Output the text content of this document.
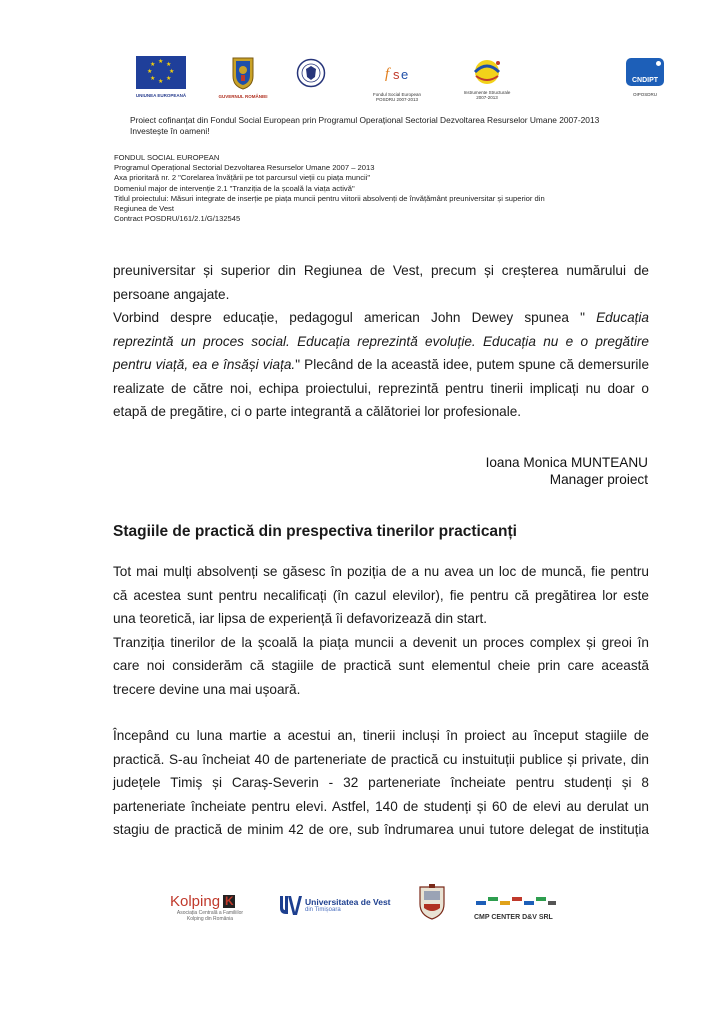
★ ★
★
★
★
★
★
★
UNIUNEA EUROPEANĂ	GUVERNUL ROMÂNIEI
f s e
Fondul Social European
POSDRU 2007-2013
Instrumente Structurale
2007-2013
CNDIPT
OIPOSDRU
Proiect cofinanțat din Fondul Social European prin Programul Operațional Sectorial Dezvoltarea Resurselor Umane 2007-2013
Investește în oameni!
FONDUL SOCIAL EUROPEAN
Programul Operațional Sectorial Dezvoltarea Resurselor Umane 2007 – 2013
Axa prioritară nr. 2 "Corelarea învățării pe tot parcursul vieții cu piața muncii"
Domeniul major de intervenție 2.1 "Tranziția de la școală la viața activă"
Titlul proiectului: Măsuri integrate de inserție pe piața muncii pentru viitorii absolvenți de învățământ preuniversitar și superior din
Regiunea de Vest
Contract POSDRU/161/2.1/G/132545
preuniversitar și superior din Regiunea de Vest, precum și creșterea numărului de
persoane angajate.
Vorbind despre educație, pedagogul american John Dewey spunea " Educația
reprezintă un proces social. Educația reprezintă evoluție. Educația nu e o pregătire
pentru viață, ea e însăși viața." Plecând de la această idee, putem spune că demersurile
realizate de către noi, echipa proiectului, reprezintă pentru tinerii implicați nu doar o
etapă de pregătire, ci o parte integrantă a călătoriei lor profesionale.
Ioana Monica MUNTEANU
Manager proiect
Stagiile de practică din prespectiva tinerilor practicanți
Tot mai mulți absolvenți se găsesc în poziția de a nu avea un loc de muncă, fie pentru
că acestea sunt pentru necalificați (în cazul elevilor), fie pentru că pregătirea lor este
una teoretică, iar lipsa de experiență îi defavorizează din start.
Tranziția tinerilor de la școală la piața muncii a devenit un proces complex și greoi în
care noi considerăm că stagiile de practică sunt elementul cheie prin care această
trecere devine una mai ușoară.
Începând cu luna martie a acestui an, tinerii incluși în proiect au început stagiile de
practică. S-au încheiat 40 de parteneriate de practică cu instuituții publice și private, din
județele Timiș și Caraș-Severin - 32 parteneriate încheiate pentru studenți și 8
parteneriate încheiate pentru elevi. Astfel, 140 de studenți și 60 de elevi au derulat un
stagiu de practică de minim 42 de ore, sub îndrumarea unui tutore delegat de instituția
Kolping K
Asociația Centrală a Familiilor
Kolping din România
Universitatea de Vest
din Timișoara
CMP CENTER D&V SRL
